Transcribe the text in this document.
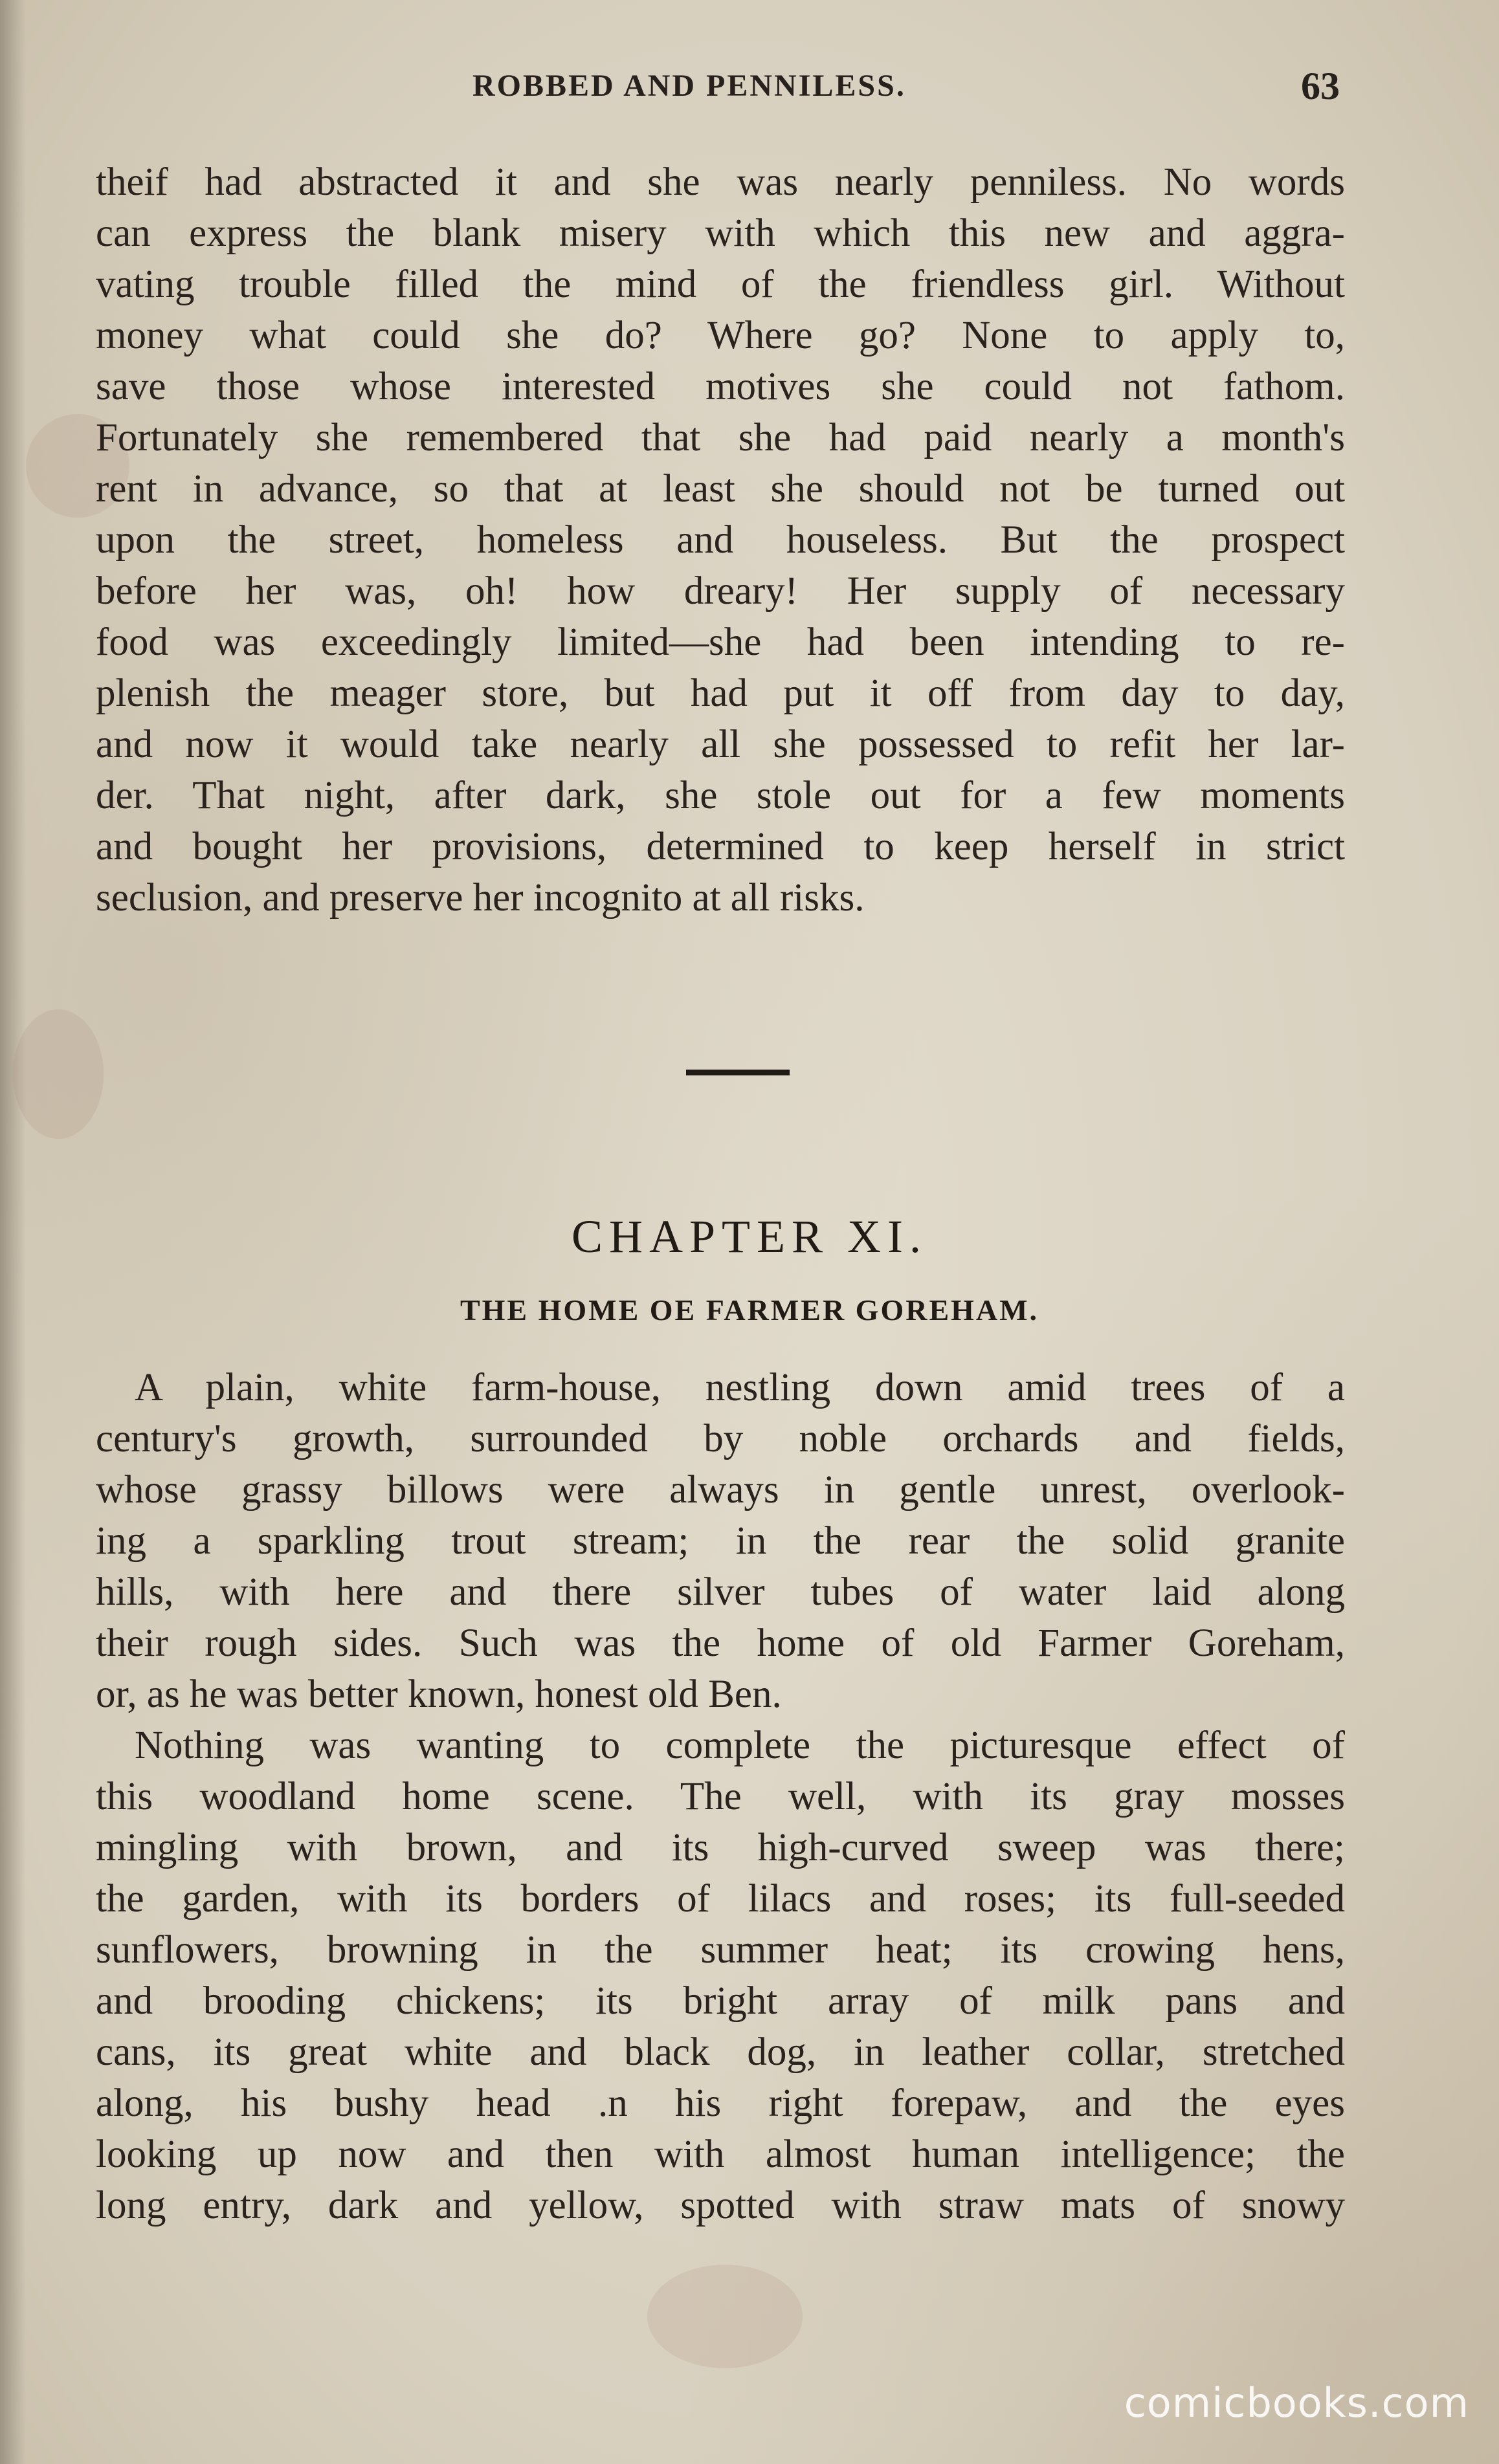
ROBBED AND PENNILESS.	63
theif had abstracted it and she was nearly penniless. No words
can express the blank misery with which this new and aggra-
vating trouble filled the mind of the friendless girl. Without
money what could she do? Where go? None to apply to,
save those whose interested motives she could not fathom.
Fortunately she remembered that she had paid nearly a month's
rent in advance, so that at least she should not be turned out
upon the street, homeless and houseless. But the prospect
before her was, oh! how dreary! Her supply of necessary
food was exceedingly limited—she had been intending to re-
plenish the meager store, but had put it off from day to day,
and now it would take nearly all she possessed to refit her lar-
der. That night, after dark, she stole out for a few moments
and bought her provisions, determined to keep herself in strict
seclusion, and preserve her incognito at all risks.
CHAPTER XI.
THE HOME OE FARMER GOREHAM.
A plain, white farm-house, nestling down amid trees of a
century's growth, surrounded by noble orchards and fields,
whose grassy billows were always in gentle unrest, overlook-
ing a sparkling trout stream; in the rear the solid granite
hills, with here and there silver tubes of water laid along
their rough sides. Such was the home of old Farmer Goreham,
or, as he was better known, honest old Ben.
Nothing was wanting to complete the picturesque effect of
this woodland home scene. The well, with its gray mosses
mingling with brown, and its high-curved sweep was there;
the garden, with its borders of lilacs and roses; its full-seeded
sunflowers, browning in the summer heat; its crowing hens,
and brooding chickens; its bright array of milk pans and
cans, its great white and black dog, in leather collar, stretched
along, his bushy head .n his right forepaw, and the eyes
looking up now and then with almost human intelligence; the
long entry, dark and yellow, spotted with straw mats of snowy
comicbooks.com
